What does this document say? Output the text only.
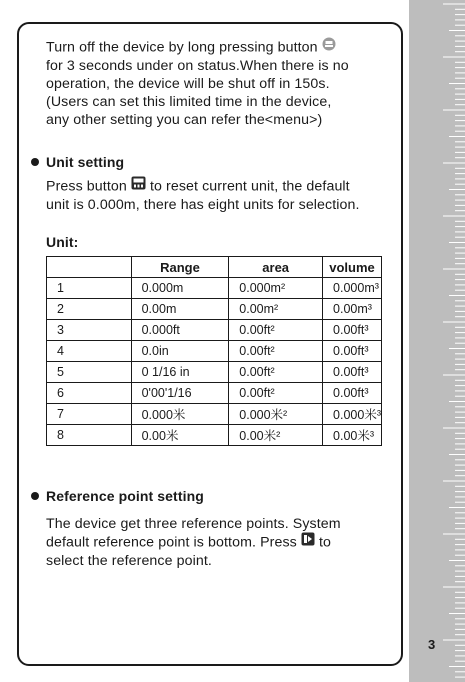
Turn off the device by long pressing button
for 3 seconds under on status.When there is no
operation, the device will be shut off in 150s.
(Users can set this limited time in the device,
any other setting you can refer the<menu>)
Unit setting
Press button to reset current unit, the default
unit is 0.000m, there has eight units for selection.
Unit:
	Range	area	volume
1	0.000m	0.000m²	0.000m³
2	0.00m	0.00m²	0.00m³
3	0.000ft	0.00ft²	0.00ft³
4	0.0in	0.00ft²	0.00ft³
5	0 1/16 in	0.00ft²	0.00ft³
6	0'00'1/16	0.00ft²	0.00ft³
7	0.000米	0.000米²	0.000米³
8	0.00米	0.00米²	0.00米³
Reference point setting
The device get three reference points. System
default reference point is bottom. Press to
select the reference point.
3
